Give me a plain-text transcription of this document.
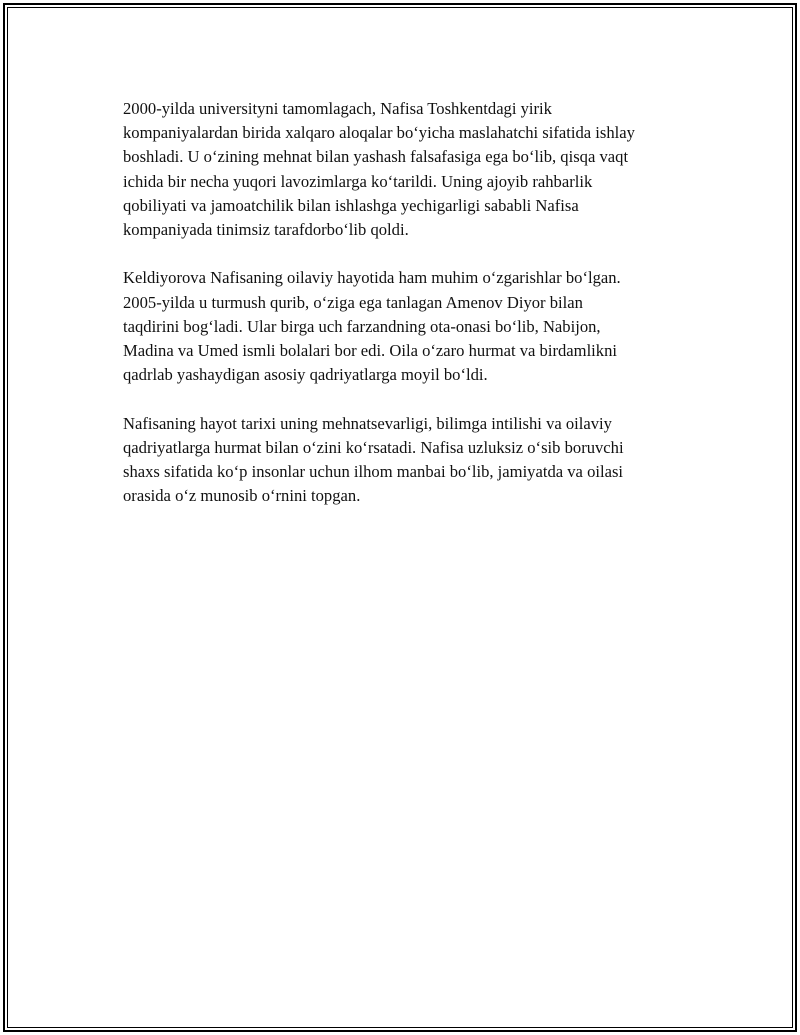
2000-yilda universityni tamomlagach, Nafisa Toshkentdagi yirik
kompaniyalardan birida xalqaro aloqalar bo‘yicha maslahatchi sifatida ishlay
boshladi. U o‘zining mehnat bilan yashash falsafasiga ega bo‘lib, qisqa vaqt
ichida bir necha yuqori lavozimlarga ko‘tarildi. Uning ajoyib rahbarlik
qobiliyati va jamoatchilik bilan ishlashga yechigarligi sababli Nafisa
kompaniyada tinimsiz tarafdorbo‘lib qoldi.

Keldiyorova Nafisaning oilaviy hayotida ham muhim o‘zgarishlar bo‘lgan.
2005-yilda u turmush qurib, o‘ziga ega tanlagan Amenov Diyor bilan
taqdirini bog‘ladi. Ular birga uch farzandning ota-onasi bo‘lib, Nabijon,
Madina va Umed ismli bolalari bor edi. Oila o‘zaro hurmat va birdamlikni
qadrlab yashaydigan asosiy qadriyatlarga moyil bo‘ldi.

Nafisaning hayot tarixi uning mehnatsevarligi, bilimga intilishi va oilaviy
qadriyatlarga hurmat bilan o‘zini ko‘rsatadi. Nafisa uzluksiz o‘sib boruvchi
shaxs sifatida ko‘p insonlar uchun ilhom manbai bo‘lib, jamiyatda va oilasi
orasida o‘z munosib o‘rnini topgan.
